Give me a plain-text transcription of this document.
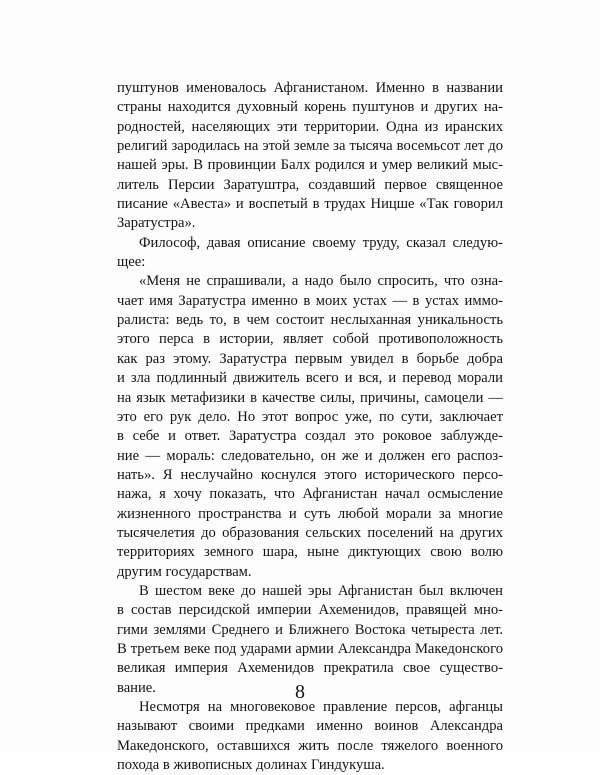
пуштунов именовалось Афганистаном. Именно в названии
страны находится духовный корень пуштунов и других на-
родностей, населяющих эти территории. Одна из иранских
религий зародилась на этой земле за тысяча восемьсот лет до
нашей эры. В провинции Балх родился и умер великий мыс-
литель Персии Заратуштра, создавший первое священное
писание «Авеста» и воспетый в трудах Ницше «Так говорил
Заратустра».
Философ, давая описание своему труду, сказал следую-
щее:
«Меня не спрашивали, а надо было спросить, что озна-
чает имя Заратустра именно в моих устах — в устах иммо-
ралиста: ведь то, в чем состоит неслыханная уникальность
этого перса в истории, являет собой противоположность
как раз этому. Заратустра первым увидел в борьбе добра
и зла подлинный движитель всего и вся, и перевод морали
на язык метафизики в качестве силы, причины, самоцели —
это его рук дело. Но этот вопрос уже, по сути, заключает
в себе и ответ. Заратустра создал это роковое заблужде-
ние — мораль: следовательно, он же и должен его распоз-
нать». Я неслучайно коснулся этого исторического персо-
нажа, я хочу показать, что Афганистан начал осмысление
жизненного пространства и суть любой морали за многие
тысячелетия до образования сельских поселений на других
территориях земного шара, ныне диктующих свою волю
другим государствам.
В шестом веке до нашей эры Афганистан был включен
в состав персидской империи Ахеменидов, правящей мно-
гими землями Среднего и Ближнего Востока четыреста лет.
В третьем веке под ударами армии Александра Македонского
великая империя Ахеменидов прекратила свое существо-
вание.
Несмотря на многовековое правление персов, афганцы
называют своими предками именно воинов Александра
Македонского, оставшихся жить после тяжелого военного
похода в живописных долинах Гиндукуша.
8
